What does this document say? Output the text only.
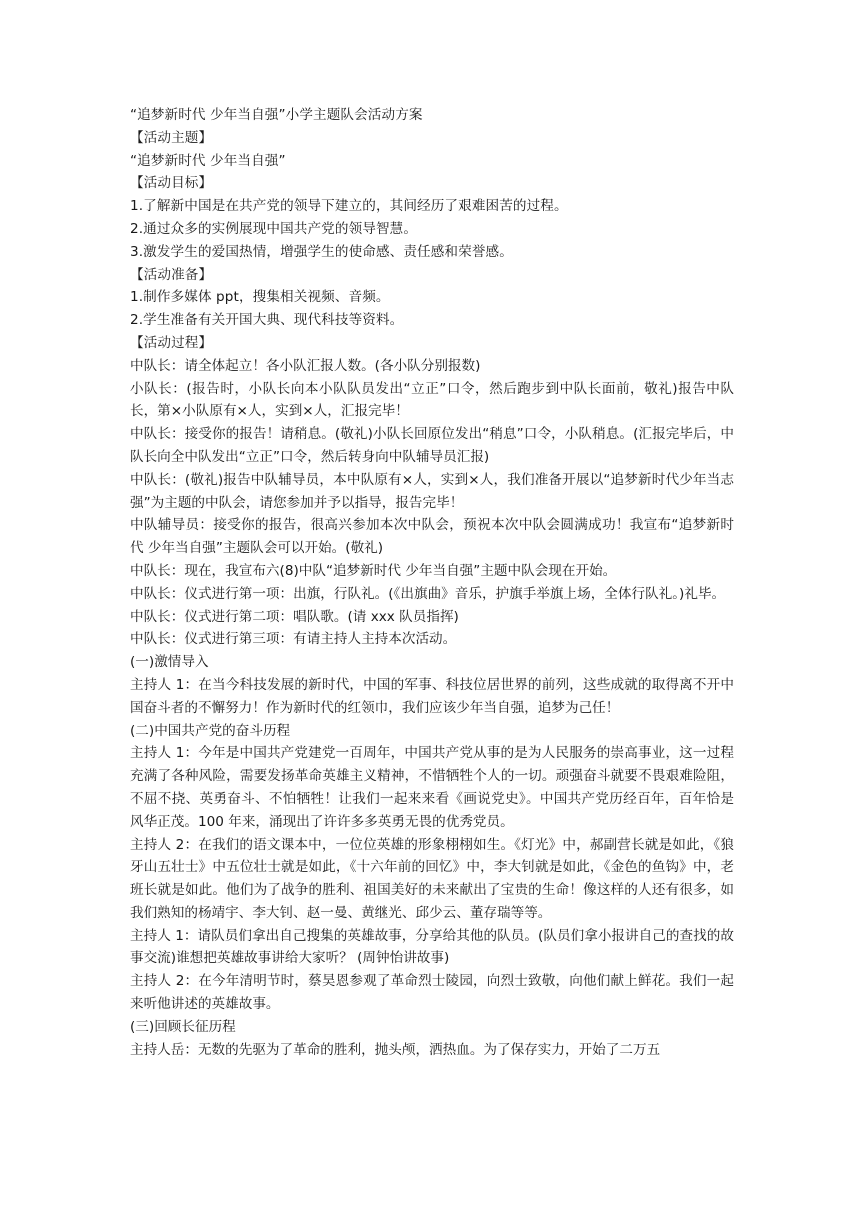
“追梦新时代 少年当自强”小学主题队会活动方案
【活动主题】
“追梦新时代 少年当自强”
【活动目标】
1.了解新中国是在共产党的领导下建立的，其间经历了艰难困苦的过程。
2.通过众多的实例展现中国共产党的领导智慧。
3.激发学生的爱国热情，增强学生的使命感、责任感和荣誉感。
【活动准备】
1.制作多媒体 ppt，搜集相关视频、音频。
2.学生准备有关开国大典、现代科技等资料。
【活动过程】
中队长：请全体起立！各小队汇报人数。(各小队分别报数)
小队长：(报告时，小队长向本小队队员发出“立正”口令，然后跑步到中队长面前，敬礼)报告中队长，第×小队原有×人，实到×人，汇报完毕！
中队长：接受你的报告！请稍息。(敬礼)小队长回原位发出“稍息”口令，小队稍息。(汇报完毕后，中队长向全中队发出“立正”口令，然后转身向中队辅导员汇报)
中队长：(敬礼)报告中队辅导员，本中队原有×人，实到×人，我们准备开展以“追梦新时代少年当志强”为主题的中队会，请您参加并予以指导，报告完毕！
中队辅导员：接受你的报告，很高兴参加本次中队会，预祝本次中队会圆满成功！我宣布“追梦新时代 少年当自强”主题队会可以开始。(敬礼)
中队长：现在，我宣布六(8)中队“追梦新时代 少年当自强”主题中队会现在开始。
中队长：仪式进行第一项：出旗，行队礼。(《出旗曲》音乐，护旗手举旗上场，全体行队礼。)礼毕。
中队长：仪式进行第二项：唱队歌。(请 xxx 队员指挥)
中队长：仪式进行第三项：有请主持人主持本次活动。
(一)激情导入
主持人 1：在当今科技发展的新时代，中国的军事、科技位居世界的前列，这些成就的取得离不开中国奋斗者的不懈努力！作为新时代的红领巾，我们应该少年当自强，追梦为己任！
(二)中国共产党的奋斗历程
主持人 1：今年是中国共产党建党一百周年，中国共产党从事的是为人民服务的崇高事业，这一过程充满了各种风险，需要发扬革命英雄主义精神，不惜牺牲个人的一切。顽强奋斗就要不畏艰难险阻，不屈不挠、英勇奋斗、不怕牺牲！让我们一起来来看《画说党史》。中国共产党历经百年，百年恰是风华正茂。100 年来，涌现出了许许多多英勇无畏的优秀党员。
主持人 2：在我们的语文课本中，一位位英雄的形象栩栩如生。《灯光》中，郝副营长就是如此，《狼牙山五壮士》中五位壮士就是如此，《十六年前的回忆》中，李大钊就是如此，《金色的鱼钩》中，老班长就是如此。他们为了战争的胜利、祖国美好的未来献出了宝贵的生命！像这样的人还有很多，如我们熟知的杨靖宇、李大钊、赵一曼、黄继光、邱少云、董存瑞等等。
主持人 1：请队员们拿出自己搜集的英雄故事，分享给其他的队员。(队员们拿小报讲自己的查找的故事交流)谁想把英雄故事讲给大家听？ (周钟怡讲故事)
主持人 2：在今年清明节时，蔡昊恩参观了革命烈士陵园，向烈士致敬，向他们献上鲜花。我们一起来听他讲述的英雄故事。
(三)回顾长征历程
主持人岳：无数的先驱为了革命的胜利，抛头颅，洒热血。为了保存实力，开始了二万五
